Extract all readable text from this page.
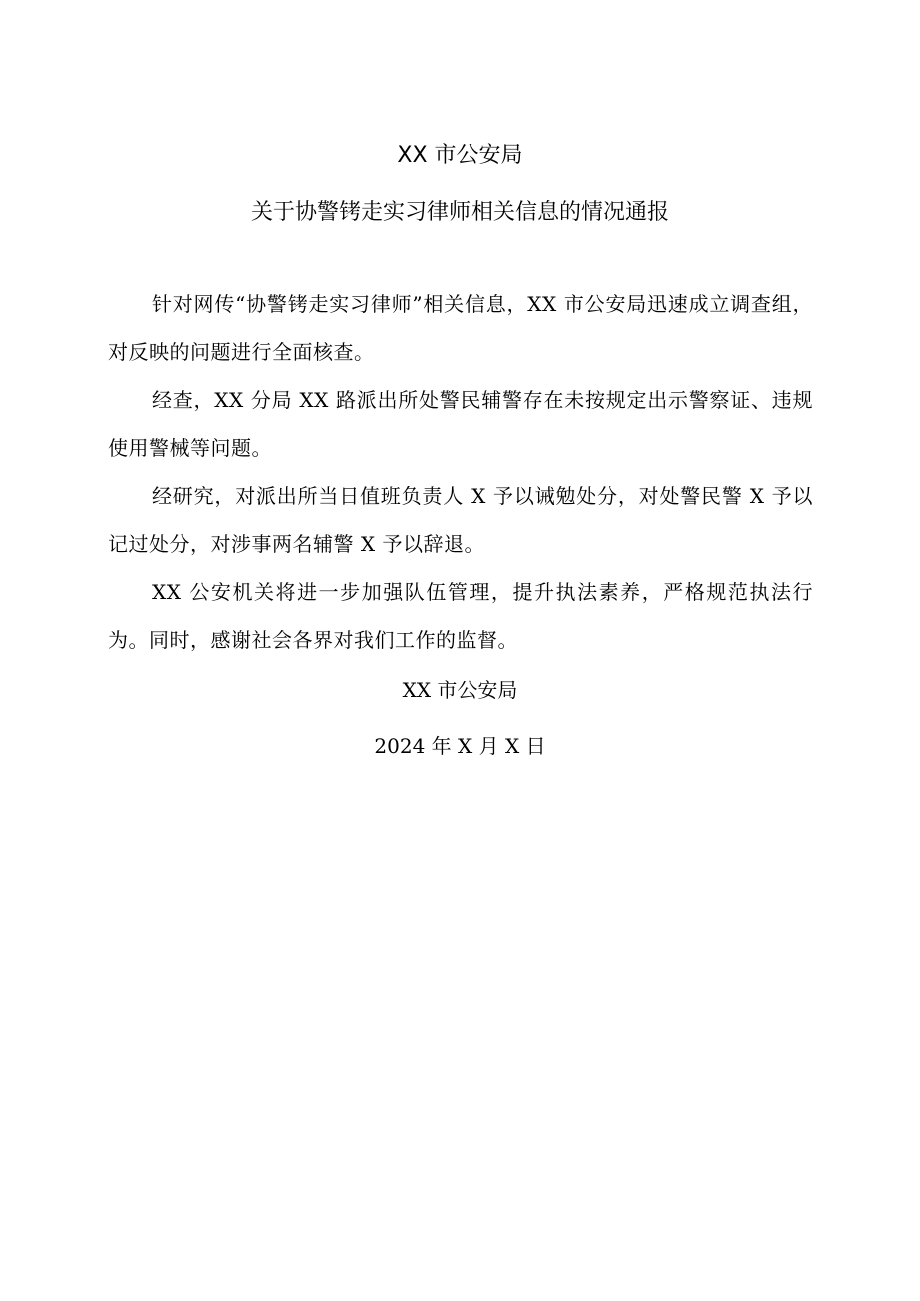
XX 市公安局
关于协警铐走实习律师相关信息的情况通报

针对网传“协警铐走实习律师”相关信息，XX 市公安局迅速成立调查组，对反映的问题进行全面核查。

经查，XX 分局 XX 路派出所处警民辅警存在未按规定出示警察证、违规使用警械等问题。

经研究，对派出所当日值班负责人 X 予以诫勉处分，对处警民警 X 予以记过处分，对涉事两名辅警 X 予以辞退。

XX 公安机关将进一步加强队伍管理，提升执法素养，严格规范执法行为。同时，感谢社会各界对我们工作的监督。

XX 市公安局
2024 年 X 月 X 日
